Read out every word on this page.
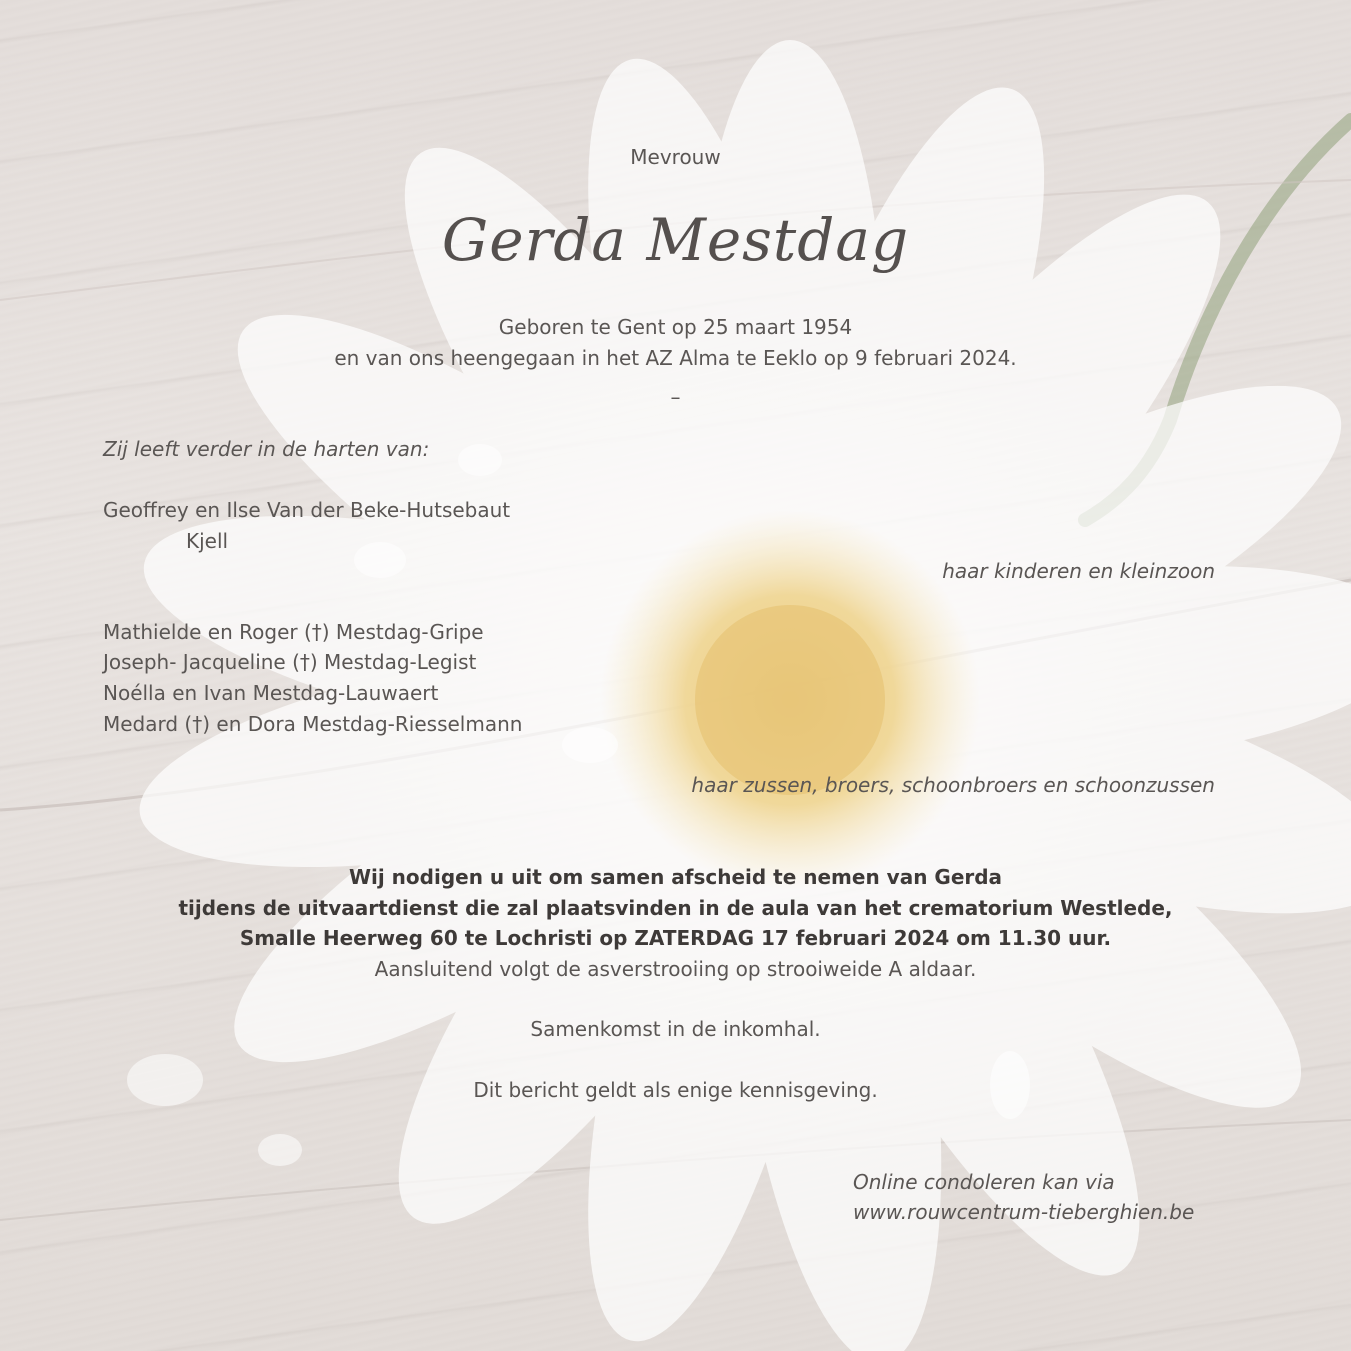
Mevrouw
Gerda Mestdag
Geboren te Gent op 25 maart 1954
en van ons heengegaan in het AZ Alma te Eeklo op 9 februari 2024.
–
Zij leeft verder in de harten van:
Geoffrey en Ilse Van der Beke-Hutsebaut
Kjell
haar kinderen en kleinzoon
Mathielde en Roger (†) Mestdag-Gripe
Joseph- Jacqueline (†) Mestdag-Legist
Noélla en Ivan Mestdag-Lauwaert
Medard (†) en Dora Mestdag-Riesselmann
haar zussen, broers, schoonbroers en schoonzussen
Wij nodigen u uit om samen afscheid te nemen van Gerda
tijdens de uitvaartdienst die zal plaatsvinden in de aula van het crematorium Westlede,
Smalle Heerweg 60 te Lochristi op ZATERDAG 17 februari 2024 om 11.30 uur.
Aansluitend volgt de asverstrooiing op strooiweide A aldaar.
Samenkomst in de inkomhal.
Dit bericht geldt als enige kennisgeving.
Online condoleren kan via
www.rouwcentrum-tieberghien.be
